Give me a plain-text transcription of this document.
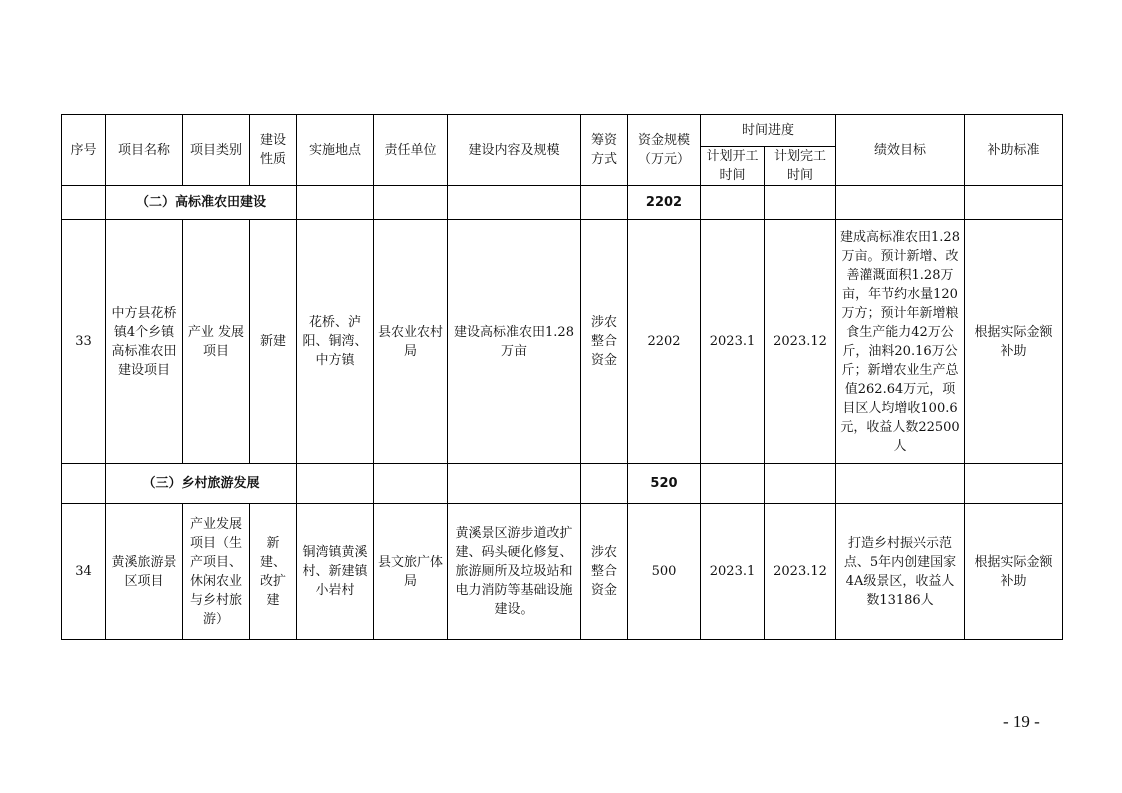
序号	项目名称	项目类别	建设性质	实施地点	责任单位	建设内容及规模	筹资方式	资金规模（万元）	时间进度		绩效目标	补助标准
									计划开工时间	计划完工时间		
	（二）高标准农田建设							2202				
33	中方县花桥镇4个乡镇高标准农田建设项目	产业 发展项目	新建	花桥、泸阳、铜湾、中方镇	县农业农村局	建设高标准农田1.28万亩	涉农整合资金	2202	2023.1	2023.12	建成高标准农田1.28万亩。预计新增、改善灌溉面积1.28万亩，年节约水量120万方；预计年新增粮食生产能力42万公斤，油料20.16万公斤；新增农业生产总值262.64万元，项目区人均增收100.6元，收益人数22500人	根据实际金额补助
	（三）乡村旅游发展							520				
34	黄溪旅游景区项目	产业发展项目（生产项目、休闲农业与乡村旅游）	新建、改扩建	铜湾镇黄溪村、新建镇小岩村	县文旅广体局	黄溪景区游步道改扩建、码头硬化修复、旅游厕所及垃圾站和电力消防等基础设施建设。	涉农整合资金	500	2023.1	2023.12	打造乡村振兴示范点、5年内创建国家4A级景区，收益人数13186人	根据实际金额补助
- 19 -
